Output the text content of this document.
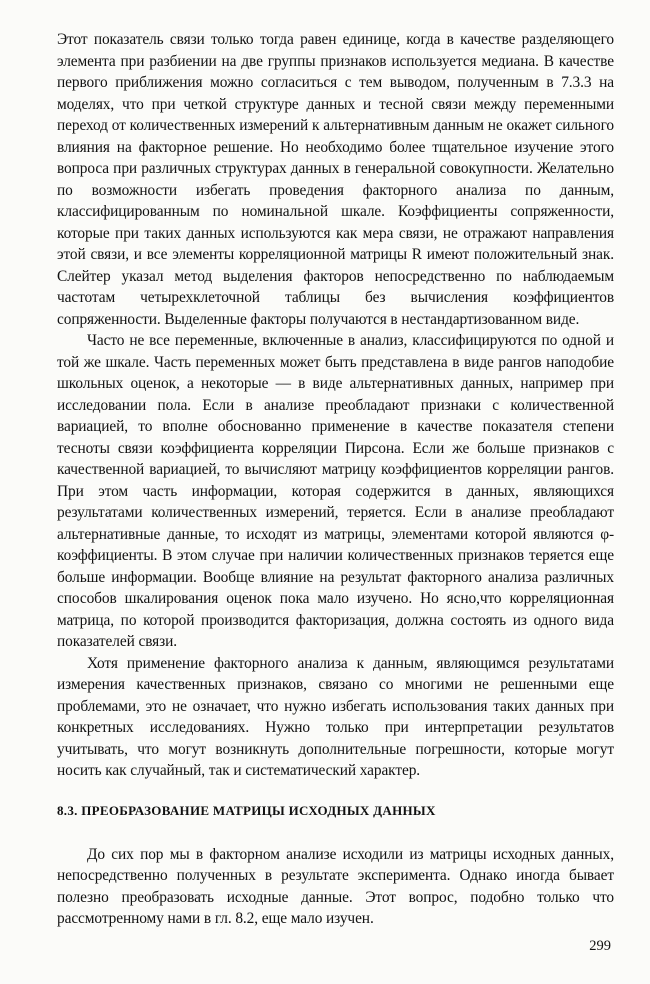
Этот показатель связи только тогда равен единице, когда в качестве разделяющего элемента при разбиении на две группы признаков используется медиана. В качестве первого приближения можно согласиться с тем выводом, полученным в 7.3.3 на моделях, что при четкой структуре данных и тесной связи между переменными переход от количественных измерений к альтернативным данным не окажет сильного влияния на факторное решение. Но необходимо более тщательное изучение этого вопроса при различных структурах данных в генеральной совокупности. Желательно по возможности избегать проведения факторного анализа по данным, классифицированным по номинальной шкале. Коэффициенты сопряженности, которые при таких данных используются как мера связи, не отражают направления этой связи, и все элементы корреляционной матрицы R имеют положительный знак. Слейтер указал метод выделения факторов непосредственно по наблюдаемым частотам четырехклеточной таблицы без вычисления коэффициентов сопряженности. Выделенные факторы получаются в нестандартизованном виде.

Часто не все переменные, включенные в анализ, классифицируются по одной и той же шкале. Часть переменных может быть представлена в виде рангов наподобие школьных оценок, а некоторые — в виде альтернативных данных, например при исследовании пола. Если в анализе преобладают признаки с количественной вариацией, то вполне обоснованно применение в качестве показателя степени тесноты связи коэффициента корреляции Пирсона. Если же больше признаков с качественной вариацией, то вычисляют матрицу коэффициентов корреляции рангов. При этом часть информации, которая содержится в данных, являющихся результатами количественных измерений, теряется. Если в анализе преобладают альтернативные данные, то исходят из матрицы, элементами которой являются φ-коэффициенты. В этом случае при наличии количественных признаков теряется еще больше информации. Вообще влияние на результат факторного анализа различных способов шкалирования оценок пока мало изучено. Но ясно,что корреляционная матрица, по которой производится факторизация, должна состоять из одного вида показателей связи.

Хотя применение факторного анализа к данным, являющимся результатами измерения качественных признаков, связано со многими не решенными еще проблемами, это не означает, что нужно избегать использования таких данных при конкретных исследованиях. Нужно только при интерпретации результатов учитывать, что могут возникнуть дополнительные погрешности, которые могут носить как случайный, так и систематический характер.

8.3. ПРЕОБРАЗОВАНИЕ МАТРИЦЫ ИСХОДНЫХ ДАННЫХ

До сих пор мы в факторном анализе исходили из матрицы исходных данных, непосредственно полученных в результате эксперимента. Однако иногда бывает полезно преобразовать исходные данные. Этот вопрос, подобно только что рассмотренному нами в гл. 8.2, еще мало изучен.

299
